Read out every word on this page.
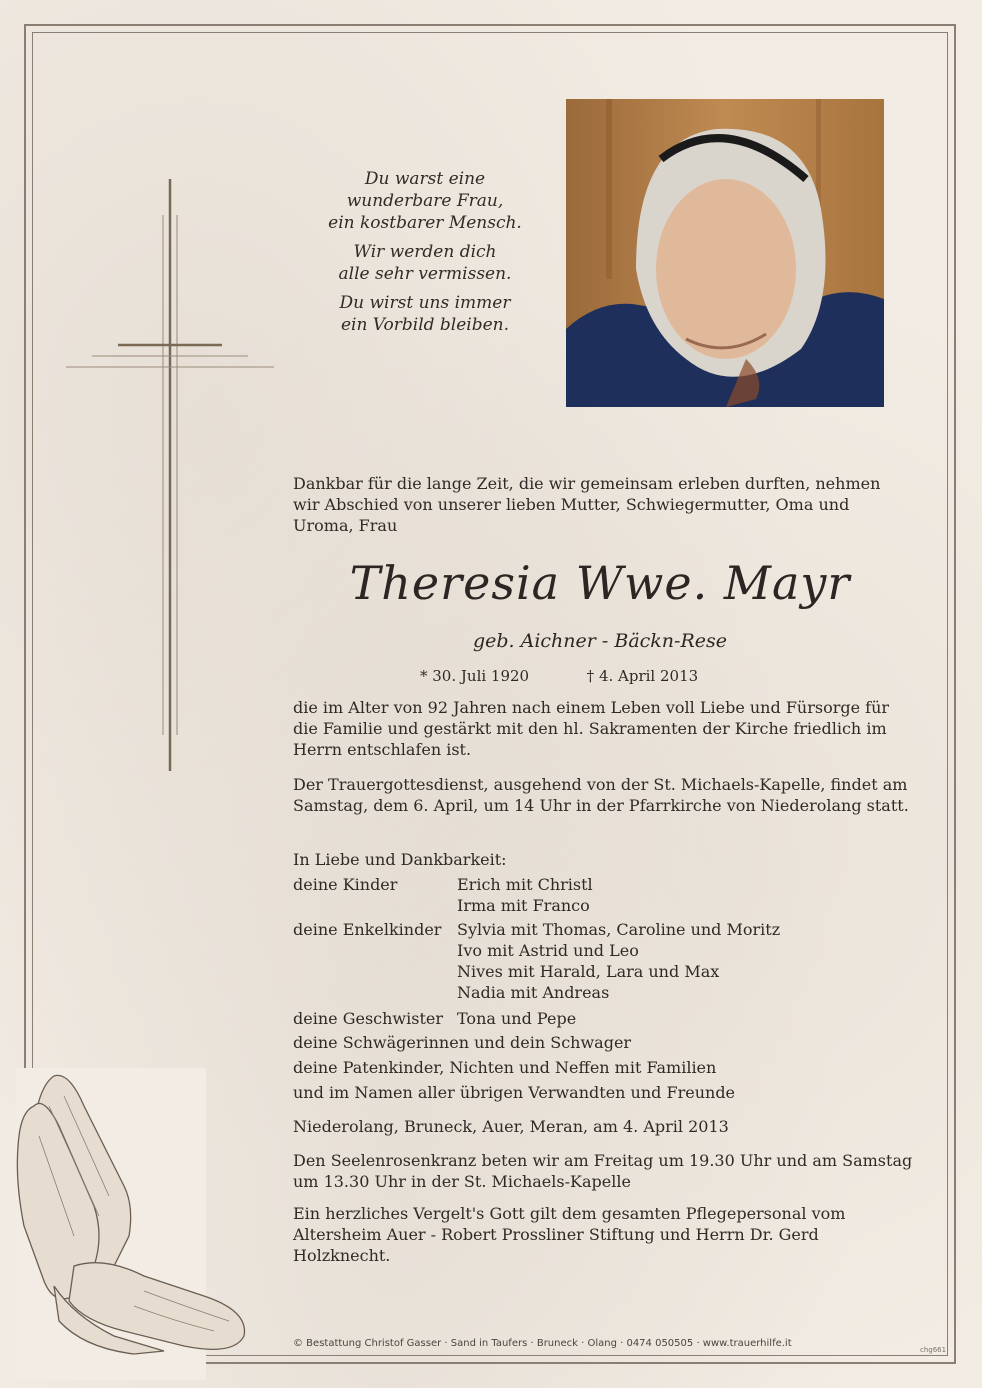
Du warst eine
wunderbare Frau,
ein kostbarer Mensch.

Wir werden dich
alle sehr vermissen.

Du wirst uns immer
ein Vorbild bleiben.

Dankbar für die lange Zeit, die wir gemeinsam erleben durften, nehmen wir Abschied von unserer lieben Mutter, Schwiegermutter, Oma und Uroma, Frau
Theresia Wwe. Mayr
geb. Aichner - Bäckn-Rese
* 30. Juli 1920	† 4. April 2013
die im Alter von 92 Jahren nach einem Leben voll Liebe und Fürsorge für die Familie und gestärkt mit den hl. Sakramenten der Kirche friedlich im Herrn entschlafen ist.
Der Trauergottesdienst, ausgehend von der St. Michaels-Kapelle, findet am Samstag, dem 6. April, um 14 Uhr in der Pfarrkirche von Niederolang statt.
In Liebe und Dankbarkeit:
deine Kinder	Erich mit Christl
Irma mit Franco
deine Enkelkinder Sylvia mit Thomas, Caroline und Moritz
Ivo mit Astrid und Leo
Nives mit Harald, Lara und Max
Nadia mit Andreas
deine Geschwister Tona und Pepe
deine Schwägerinnen und dein Schwager
deine Patenkinder, Nichten und Neffen mit Familien
und im Namen aller übrigen Verwandten und Freunde
Niederolang, Bruneck, Auer, Meran, am 4. April 2013
Den Seelenrosenkranz beten wir am Freitag um 19.30 Uhr und am Samstag um 13.30 Uhr in der St. Michaels-Kapelle
Ein herzliches Vergelt's Gott gilt dem gesamten Pflegepersonal vom Altersheim Auer - Robert Prossliner Stiftung und Herrn Dr. Gerd Holzknecht.
© Bestattung Christof Gasser · Sand in Taufers · Bruneck · Olang · 0474 050505 · www.trauerhilfe.it
chg661
